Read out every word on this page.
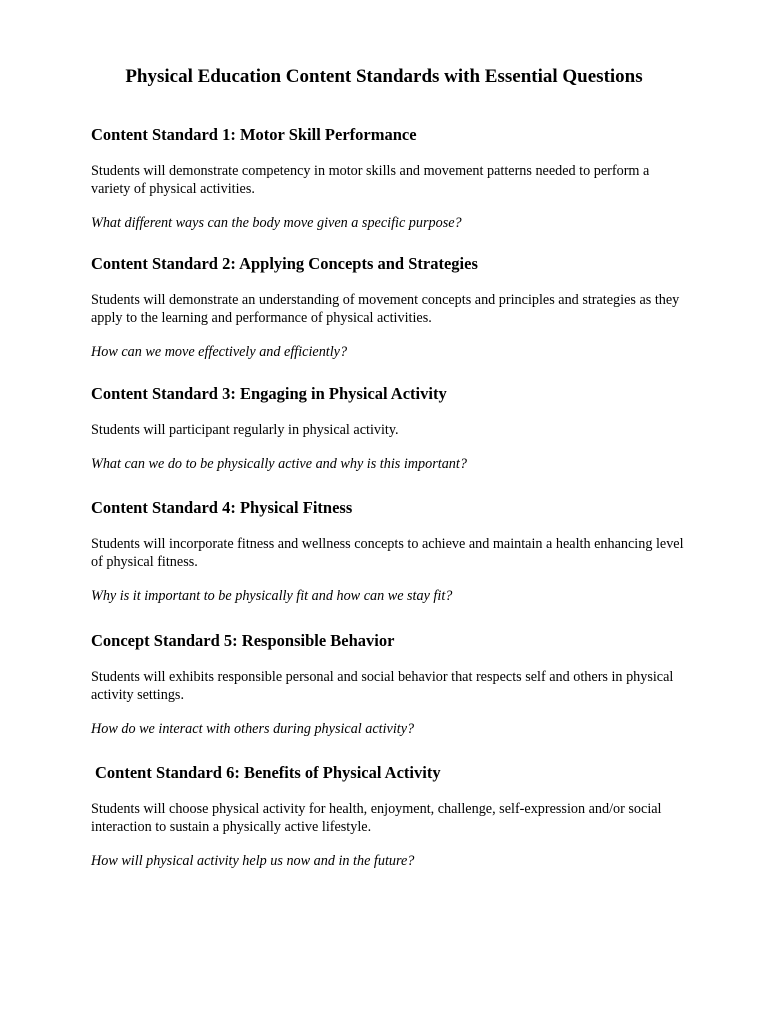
Physical Education Content Standards with Essential Questions
Content Standard 1: Motor Skill Performance

Students will demonstrate competency in motor skills and movement patterns needed to perform a variety of physical activities.

What different ways can the body move given a specific purpose?

Content Standard 2: Applying Concepts and Strategies

Students will demonstrate an understanding of movement concepts and principles and strategies as they apply to the learning and performance of physical activities.

How can we move effectively and efficiently?

Content Standard 3: Engaging in Physical Activity

Students will participant regularly in physical activity.

What can we do to be physically active and why is this important?

Content Standard 4: Physical Fitness

Students will incorporate fitness and wellness concepts to achieve and maintain a health enhancing level of physical fitness.

Why is it important to be physically fit and how can we stay fit?

Concept Standard 5: Responsible Behavior

Students will exhibits responsible personal and social behavior that respects self and others in physical activity settings.

How do we interact with others during physical activity?

Content Standard 6: Benefits of Physical Activity

Students will choose physical activity for health, enjoyment, challenge, self-expression and/or social interaction to sustain a physically active lifestyle.

How will physical activity help us now and in the future?
